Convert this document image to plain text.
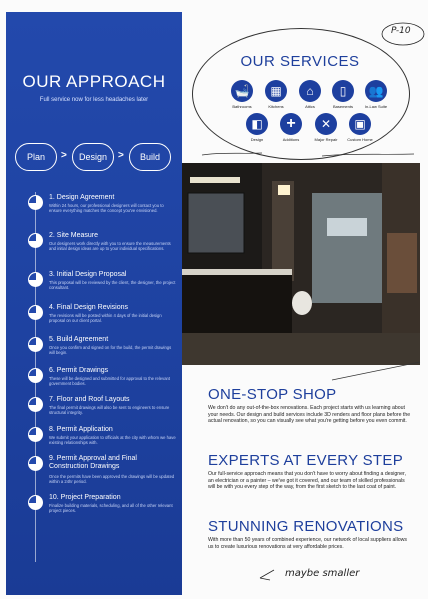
OUR APPROACH
Full service now for less headaches later
Plan	>	Design	>	Build
1. Design Agreement
Within 24 hours, our professional designers will contact you to ensure everything matches the concept you've envisioned.
2. Site Measure
Our designers work directly with you to ensure the measurements and initial design ideas are up to your individual specifications.
3. Initial Design Proposal
This proposal will be reviewed by the client, the designer, the project consultant.
4. Final Design Revisions
The revisions will be posted within 4 days of the initial design proposal on our client portal.
5. Build Agreement
Once you confirm and signed on for the build, the permit drawings will begin.
6. Permit Drawings
These will be designed and submitted for approval to the relevant government bodies.
7. Floor and Roof Layouts
The final permit drawings will also be sent to engineers to ensure structural integrity.
8. Permit Application
We submit your application to officials at the city with whom we have existing relationships with.
9. Permit Approval and Final Construction Drawings
Once the permits have been approved the drawings will be updated within a 24hr period.
10. Project Preparation
Finalize building materials, scheduling, and all of the other relevant project pieces.
P-10
OUR SERVICES
🛁
Bathrooms
▦
Kitchens
⌂
Attics
▯
Basements
👥
In-Law Suite
◧
Design
+
Additions
✕
Major Repair
▣
Custom Home
ONE-STOP SHOP
We don't do any out-of-the-box renovations. Each project starts with us learning about your needs. Our design and build services include 3D renders and floor plans before the actual renovation, so you can visually see what you're getting before you even commit.
EXPERTS AT EVERY STEP
Our full-service approach means that you don't have to worry about finding a designer, an electrician or a painter – we've got it covered, and our team of skilled professionals will be with you every step of the way, from the first sketch to the last coat of paint.
STUNNING RENOVATIONS
With more than 50 years of combined experience, our network of local suppliers allows us to create luxurious renovations at very affordable prices.
maybe smaller
